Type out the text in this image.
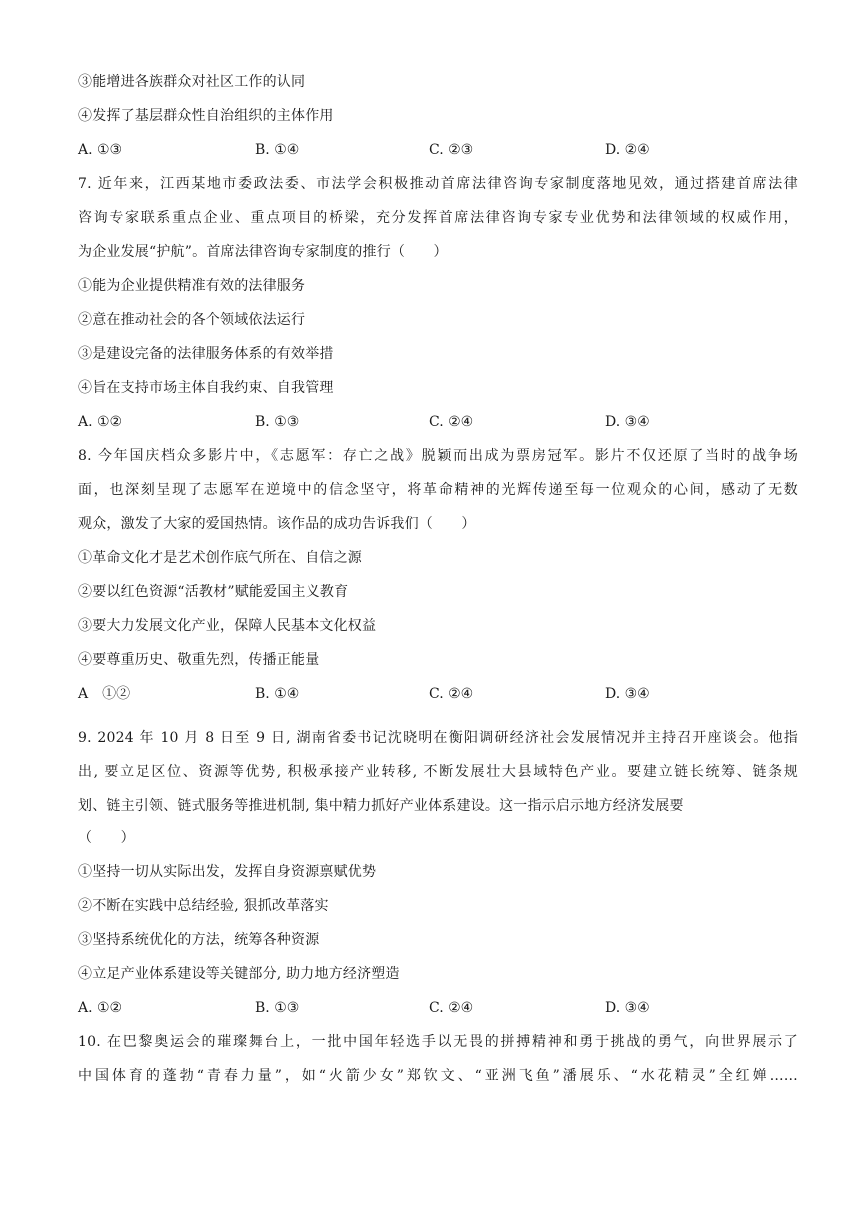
③能增进各族群众对社区工作的认同
④发挥了基层群众性自治组织的主体作用
A. ①③	B. ①④	C. ②③	D. ②④
7. 近年来，江西某地市委政法委、市法学会积极推动首席法律咨询专家制度落地见效，通过搭建首席法律
咨询专家联系重点企业、重点项目的桥梁，充分发挥首席法律咨询专家专业优势和法律领域的权威作用，
为企业发展“护航”。首席法律咨询专家制度的推行（　　）
①能为企业提供精准有效的法律服务
②意在推动社会的各个领域依法运行
③是建设完备的法律服务体系的有效举措
④旨在支持市场主体自我约束、自我管理
A. ①②	B. ①③	C. ②④	D. ③④
8. 今年国庆档众多影片中，《志愿军：存亡之战》脱颖而出成为票房冠军。影片不仅还原了当时的战争场
面，也深刻呈现了志愿军在逆境中的信念坚守，将革命精神的光辉传递至每一位观众的心间，感动了无数
观众，激发了大家的爱国热情。该作品的成功告诉我们（　　）
①革命文化才是艺术创作底气所在、自信之源
②要以红色资源“活教材”赋能爱国主义教育
③要大力发展文化产业，保障人民基本文化权益
④要尊重历史、敬重先烈，传播正能量
A　①②	B. ①④	C. ②④	D. ③④
9. 2024 年 10 月 8 日至 9 日, 湖南省委书记沈晓明在衡阳调研经济社会发展情况并主持召开座谈会。他指
出, 要立足区位、资源等优势, 积极承接产业转移, 不断发展壮大县域特色产业。要建立链长统筹、链条规
划、链主引领、链式服务等推进机制, 集中精力抓好产业体系建设。这一指示启示地方经济发展要
（　　）
①坚持一切从实际出发，发挥自身资源禀赋优势
②不断在实践中总结经验, 狠抓改革落实
③坚持系统优化的方法，统筹各种资源
④立足产业体系建设等关键部分, 助力地方经济塑造
A. ①②	B. ①③	C. ②④	D. ③④
10. 在巴黎奥运会的璀璨舞台上，一批中国年轻选手以无畏的拼搏精神和勇于挑战的勇气，向世界展示了
中国体育的蓬勃“青春力量”，如“火箭少女”郑钦文、“亚洲飞鱼”潘展乐、“水花精灵”全红婵……
